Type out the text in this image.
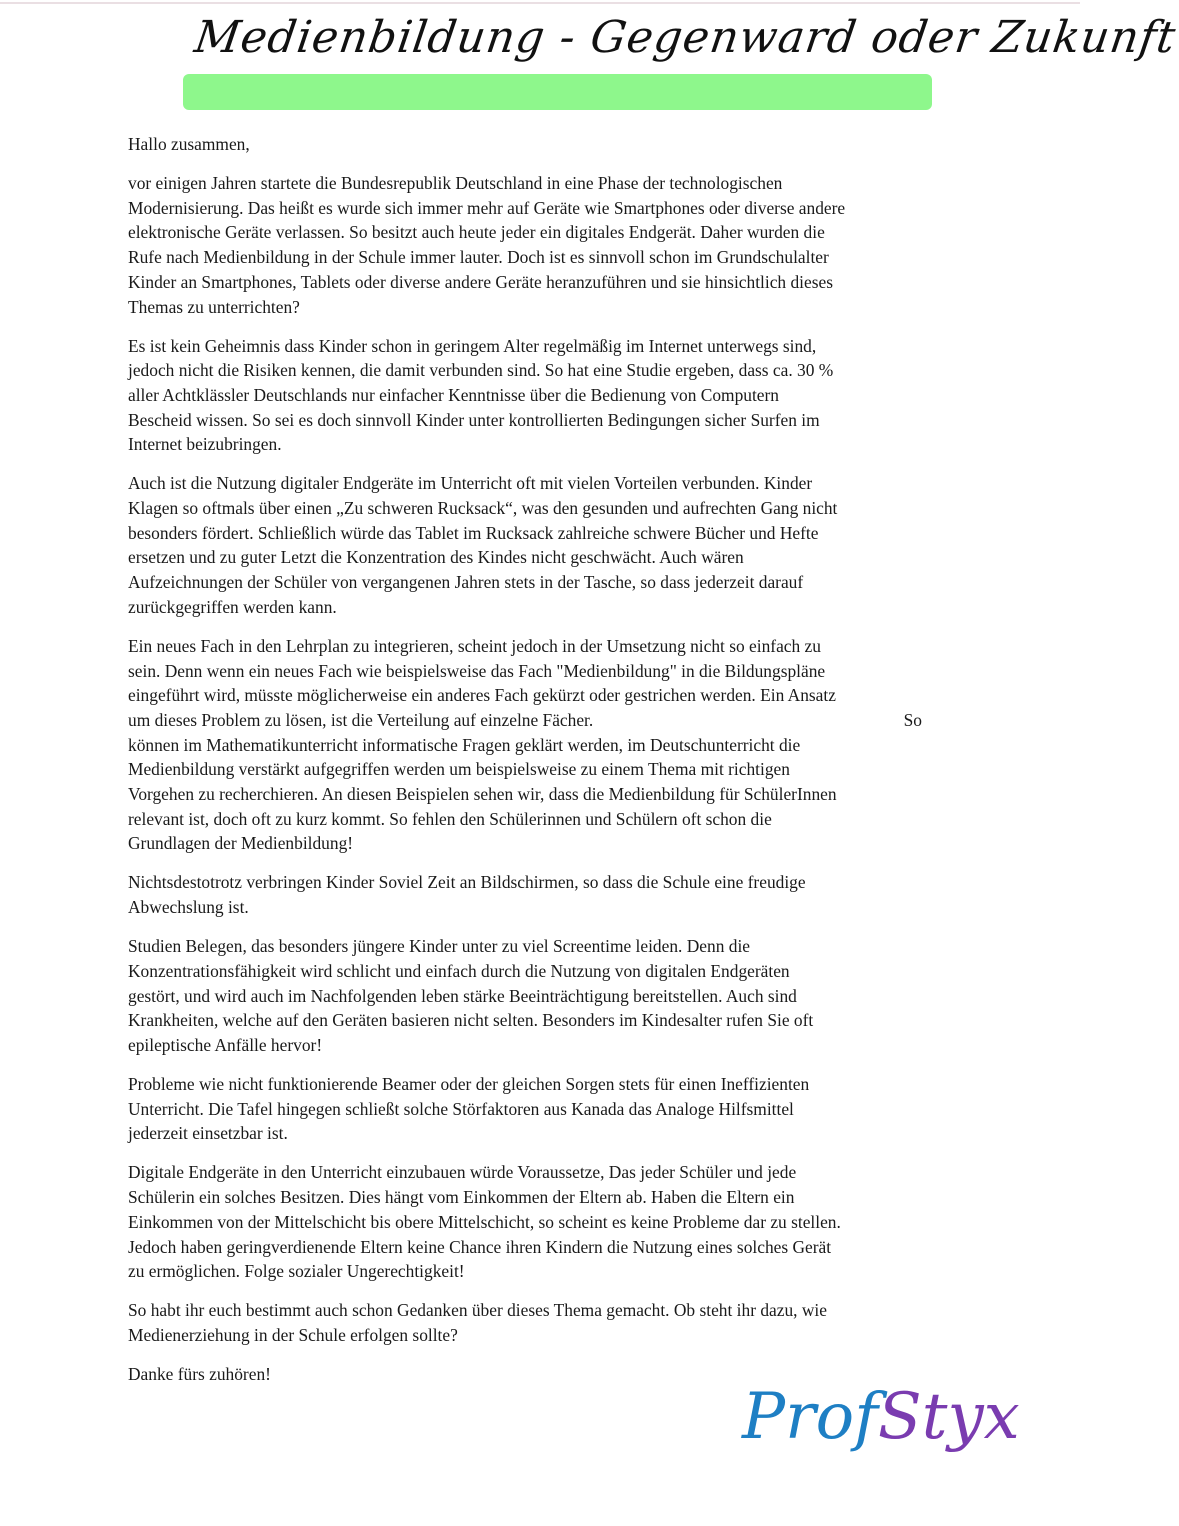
Medienbildung - Gegenward oder Zukunft

Hallo zusammen,

vor einigen Jahren startete die Bundesrepublik Deutschland in eine Phase der technologischen
Modernisierung. Das heißt es wurde sich immer mehr auf Geräte wie Smartphones oder diverse andere
elektronische Geräte verlassen. So besitzt auch heute jeder ein digitales Endgerät. Daher wurden die
Rufe nach Medienbildung in der Schule immer lauter. Doch ist es sinnvoll schon im Grundschulalter
Kinder an Smartphones, Tablets oder diverse andere Geräte heranzuführen und sie hinsichtlich dieses
Themas zu unterrichten?

Es ist kein Geheimnis dass Kinder schon in geringem Alter regelmäßig im Internet unterwegs sind,
jedoch nicht die Risiken kennen, die damit verbunden sind. So hat eine Studie ergeben, dass ca. 30 %
aller Achtklässler Deutschlands nur einfacher Kenntnisse über die Bedienung von Computern
Bescheid wissen. So sei es doch sinnvoll Kinder unter kontrollierten Bedingungen sicher Surfen im
Internet beizubringen.

Auch ist die Nutzung digitaler Endgeräte im Unterricht oft mit vielen Vorteilen verbunden. Kinder
Klagen so oftmals über einen „Zu schweren Rucksack“, was den gesunden und aufrechten Gang nicht
besonders fördert. Schließlich würde das Tablet im Rucksack zahlreiche schwere Bücher und Hefte
ersetzen und zu guter Letzt die Konzentration des Kindes nicht geschwächt. Auch wären
Aufzeichnungen der Schüler von vergangenen Jahren stets in der Tasche, so dass jederzeit darauf
zurückgegriffen werden kann.

Ein neues Fach in den Lehrplan zu integrieren, scheint jedoch in der Umsetzung nicht so einfach zu
sein. Denn wenn ein neues Fach wie beispielsweise das Fach "Medienbildung" in die Bildungspläne
eingeführt wird, müsste möglicherweise ein anderes Fach gekürzt oder gestrichen werden. Ein Ansatz
um dieses Problem zu lösen, ist die Verteilung auf einzelne Fächer.	So
können im Mathematikunterricht informatische Fragen geklärt werden, im Deutschunterricht die
Medienbildung verstärkt aufgegriffen werden um beispielsweise zu einem Thema mit richtigen
Vorgehen zu recherchieren. An diesen Beispielen sehen wir, dass die Medienbildung für SchülerInnen
relevant ist, doch oft zu kurz kommt. So fehlen den Schülerinnen und Schülern oft schon die
Grundlagen der Medienbildung!

Nichtsdestotrotz verbringen Kinder Soviel Zeit an Bildschirmen, so dass die Schule eine freudige
Abwechslung ist.

Studien Belegen, das besonders jüngere Kinder unter zu viel Screentime leiden. Denn die
Konzentrationsfähigkeit wird schlicht und einfach durch die Nutzung von digitalen Endgeräten
gestört, und wird auch im Nachfolgenden leben stärke Beeinträchtigung bereitstellen. Auch sind
Krankheiten, welche auf den Geräten basieren nicht selten. Besonders im Kindesalter rufen Sie oft
epileptische Anfälle hervor!

Probleme wie nicht funktionierende Beamer oder der gleichen Sorgen stets für einen Ineffizienten
Unterricht. Die Tafel hingegen schließt solche Störfaktoren aus Kanada das Analoge Hilfsmittel
jederzeit einsetzbar ist.

Digitale Endgeräte in den Unterricht einzubauen würde Voraussetze, Das jeder Schüler und jede
Schülerin ein solches Besitzen. Dies hängt vom Einkommen der Eltern ab. Haben die Eltern ein
Einkommen von der Mittelschicht bis obere Mittelschicht, so scheint es keine Probleme dar zu stellen.
Jedoch haben geringverdienende Eltern keine Chance ihren Kindern die Nutzung eines solches Gerät
zu ermöglichen. Folge sozialer Ungerechtigkeit!

So habt ihr euch bestimmt auch schon Gedanken über dieses Thema gemacht. Ob steht ihr dazu, wie
Medienerziehung in der Schule erfolgen sollte?

Danke fürs zuhören!

ProfStyx
